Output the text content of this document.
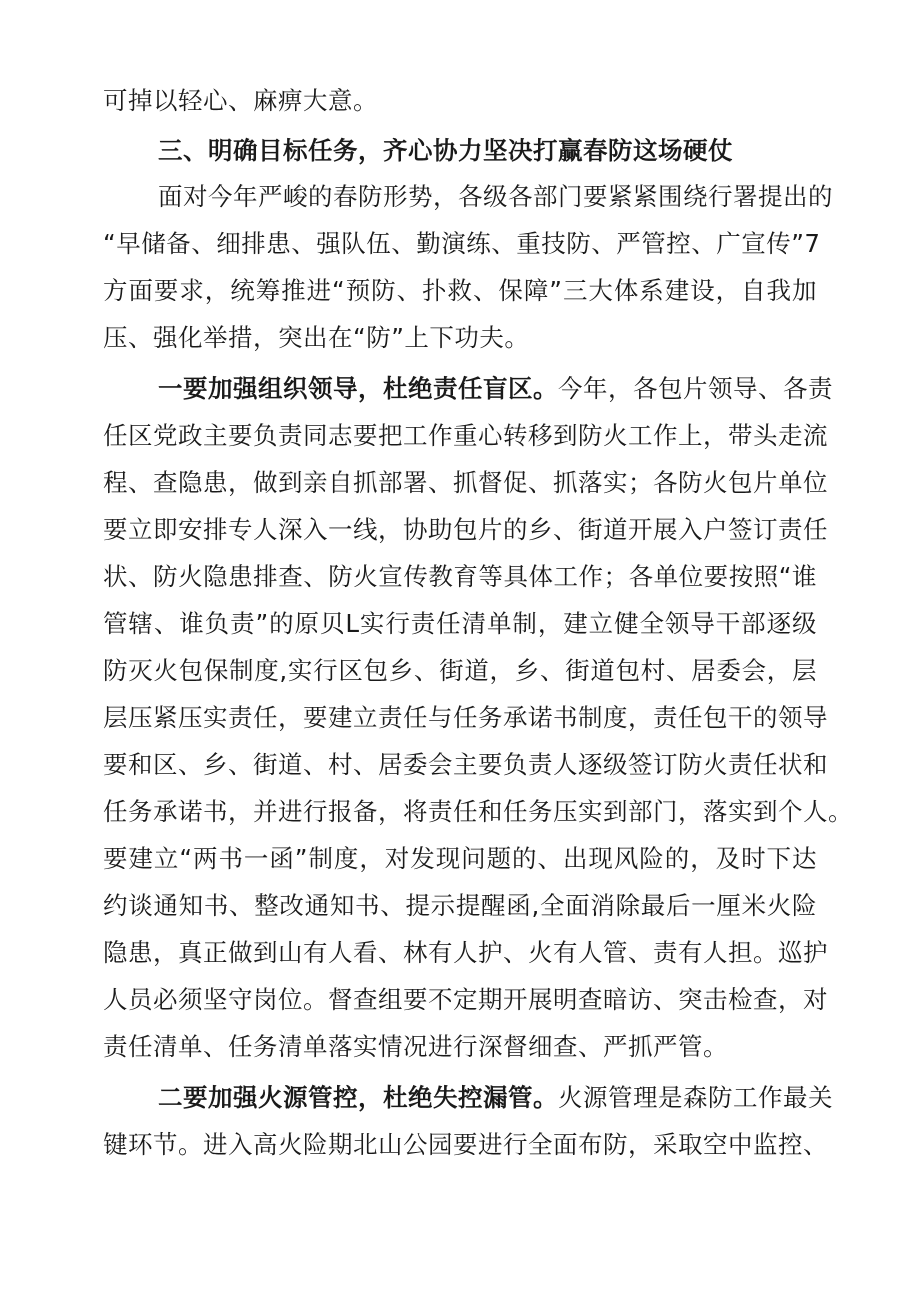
可掉以轻心、麻痹大意。
三、明确目标任务，齐心协力坚决打赢春防这场硬仗
面对今年严峻的春防形势，各级各部门要紧紧围绕行署提出的
“早储备、细排患、强队伍、勤演练、重技防、严管控、广宣传”7
方面要求，统筹推进“预防、扑救、保障”三大体系建设，自我加
压、强化举措，突出在“防”上下功夫。
一要加强组织领导，杜绝责任盲区。今年，各包片领导、各责
任区党政主要负责同志要把工作重心转移到防火工作上，带头走流
程、查隐患，做到亲自抓部署、抓督促、抓落实；各防火包片单位
要立即安排专人深入一线，协助包片的乡、街道开展入户签订责任
状、防火隐患排查、防火宣传教育等具体工作；各单位要按照“谁
管辖、谁负责”的原贝L实行责任清单制，建立健全领导干部逐级
防灭火包保制度,实行区包乡、街道，乡、街道包村、居委会，层
层压紧压实责任，要建立责任与任务承诺书制度，责任包干的领导
要和区、乡、街道、村、居委会主要负责人逐级签订防火责任状和
任务承诺书，并进行报备，将责任和任务压实到部门，落实到个人。
要建立“两书一函”制度，对发现问题的、出现风险的，及时下达
约谈通知书、整改通知书、提示提醒函,全面消除最后一厘米火险
隐患，真正做到山有人看、林有人护、火有人管、责有人担。巡护
人员必须坚守岗位。督查组要不定期开展明查暗访、突击检查，对
责任清单、任务清单落实情况进行深督细查、严抓严管。
二要加强火源管控，杜绝失控漏管。火源管理是森防工作最关
键环节。进入高火险期北山公园要进行全面布防，采取空中监控、
